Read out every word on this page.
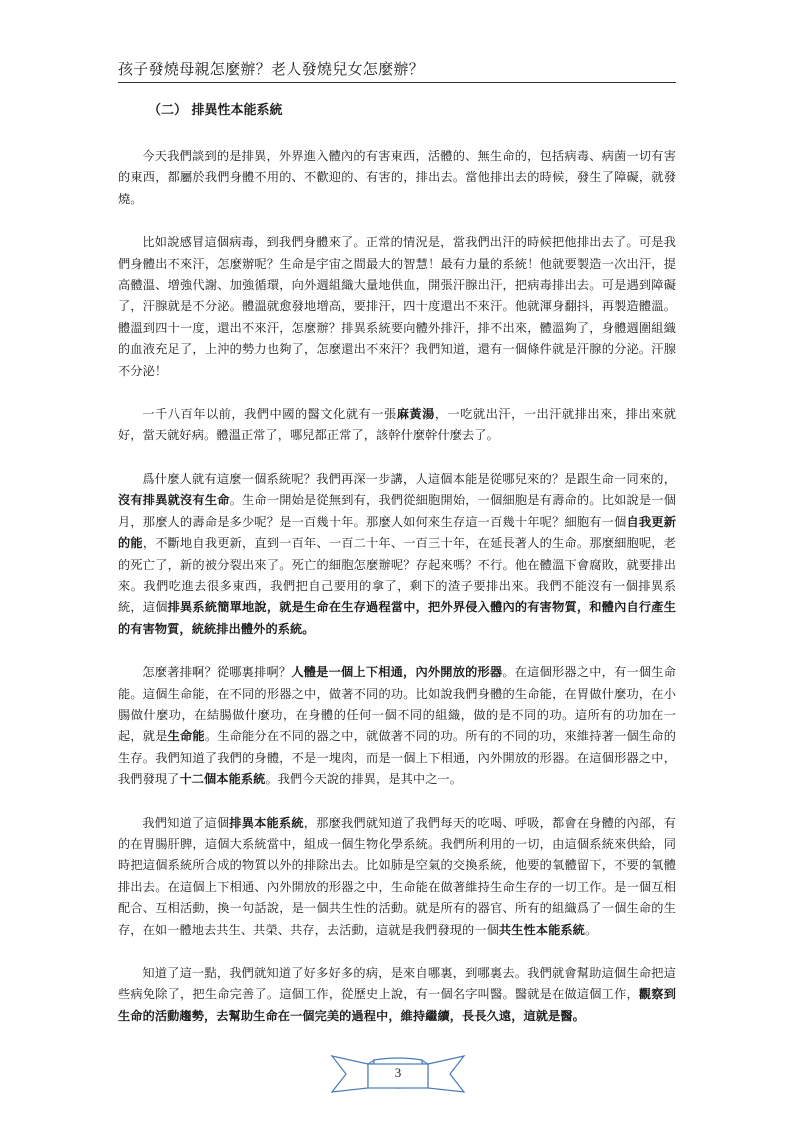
孩子發燒母親怎麼辦？老人發燒兒女怎麼辦？
（二） 排異性本能系統

今天我們談到的是排異，外界進入體內的有害東西，活體的、無生命的，包括病毒、病菌一切有害的東西，都屬於我們身體不用的、不歡迎的、有害的，排出去。當他排出去的時候，發生了障礙，就發燒。

比如說感冒這個病毒，到我們身體來了。正常的情況是，當我們出汗的時候把他排出去了。可是我們身體出不來汗，怎麼辦呢？生命是宇宙之間最大的智慧！最有力量的系統！他就要製造一次出汗，提高體溫、增強代謝、加強循環，向外週組織大量地供血，開張汗腺出汗，把病毒排出去。可是遇到障礙了，汗腺就是不分泌。體溫就愈發地增高，要排汗，四十度還出不來汗。他就渾身翻抖，再製造體溫。體溫到四十一度，還出不來汗，怎麼辦？排異系統要向體外排汗，排不出來，體溫夠了，身體週圍組織的血液充足了，上沖的勢力也夠了，怎麼還出不來汗？我們知道，還有一個條件就是汗腺的分泌。汗腺不分泌！

一千八百年以前，我們中國的醫文化就有一張麻黃湯，一吃就出汗，一出汗就排出來，排出來就好，當天就好病。體溫正常了，哪兒都正常了，該幹什麼幹什麼去了。

爲什麼人就有這麼一個系統呢？我們再深一步講，人這個本能是從哪兒來的？是跟生命一同來的，沒有排異就沒有生命。生命一開始是從無到有，我們從細胞開始，一個細胞是有壽命的。比如說是一個月，那麼人的壽命是多少呢？是一百幾十年。那麼人如何來生存這一百幾十年呢？細胞有一個自我更新的能，不斷地自我更新，直到一百年、一百二十年、一百三十年，在延長著人的生命。那麼細胞呢，老的死亡了，新的被分裂出來了。死亡的細胞怎麼辦呢？存起來嗎？不行。他在體溫下會腐敗，就要排出來。我們吃進去很多東西，我們把自己要用的拿了，剩下的渣子要排出來。我們不能沒有一個排異系統，這個排異系統簡單地說，就是生命在生存過程當中，把外界侵入體內的有害物質，和體內自行產生的有害物質，統統排出體外的系統。

怎麼著排啊？從哪裏排啊？人體是一個上下相通，內外開放的形器。在這個形器之中，有一個生命能。這個生命能，在不同的形器之中，做著不同的功。比如說我們身體的生命能，在胃做什麼功，在小腸做什麼功，在結腸做什麼功，在身體的任何一個不同的組織，做的是不同的功。這所有的功加在一起，就是生命能。生命能分在不同的器之中，就做著不同的功。所有的不同的功，來維持著一個生命的生存。我們知道了我們的身體，不是一塊肉，而是一個上下相通，內外開放的形器。在這個形器之中，我們發現了十二個本能系統。我們今天說的排異，是其中之一。

我們知道了這個排異本能系統，那麼我們就知道了我們每天的吃喝、呼吸，都會在身體的內部，有的在胃腸肝脾，這個大系統當中，組成一個生物化學系統。我們所利用的一切，由這個系統來供給，同時把這個系統所合成的物質以外的排除出去。比如肺是空氣的交換系統，他要的氧體留下，不要的氧體排出去。在這個上下相通、內外開放的形器之中，生命能在做著維持生命生存的一切工作。是一個互相配合、互相活動，換一句話說，是一個共生性的活動。就是所有的器官、所有的組織爲了一個生命的生存，在如一體地去共生、共榮、共存，去活動，這就是我們發現的一個共生性本能系統。

知道了這一點，我們就知道了好多好多的病，是來自哪裏，到哪裏去。我們就會幫助這個生命把這些病免除了，把生命完善了。這個工作，從歷史上說，有一個名字叫醫。醫就是在做這個工作，觀察到生命的活動趨勢，去幫助生命在一個完美的過程中，維持繼續，長長久遠，這就是醫。

3
